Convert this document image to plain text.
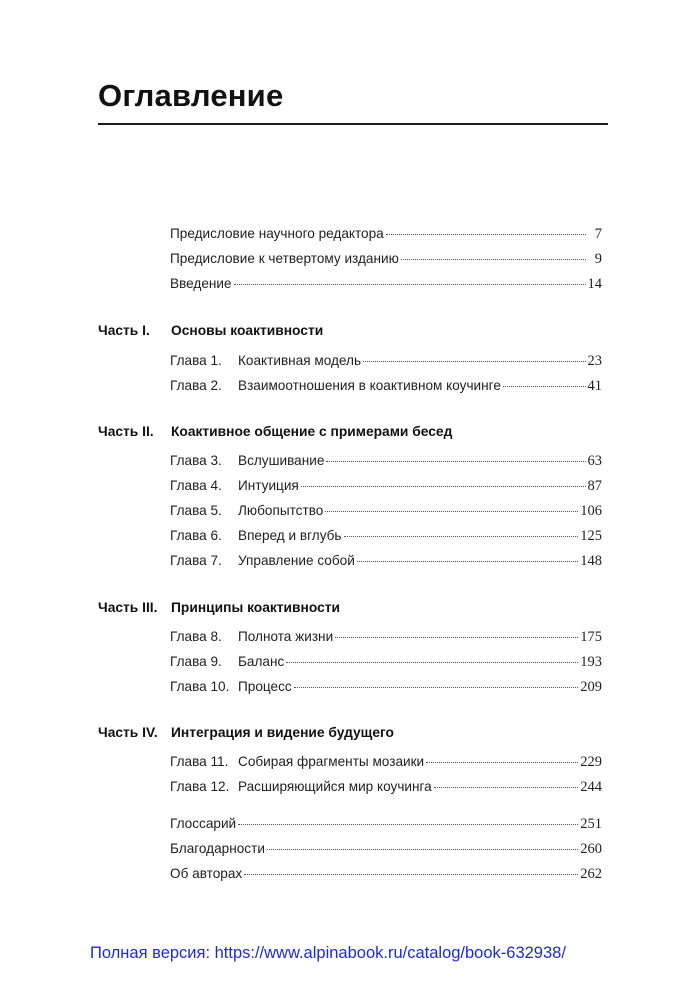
Оглавление
Предисловие научного редактора	7
Предисловие к четвертому изданию	9
Введение	14
Часть I.	Основы коактивности
Глава 1.	Коактивная модель	23
Глава 2.	Взаимоотношения в коактивном коучинге	41
Часть II.	Коактивное общение с примерами бесед
Глава 3.	Вслушивание	63
Глава 4.	Интуиция	87
Глава 5.	Любопытство	106
Глава 6.	Вперед и вглубь	125
Глава 7.	Управление собой	148
Часть III. Принципы коактивности
Глава 8.	Полнота жизни	175
Глава 9.	Баланс	193
Глава 10. Процесс	209
Часть IV. Интеграция и видение будущего
Глава 11. Собирая фрагменты мозаики	229
Глава 12. Расширяющийся мир коучинга	244
Глоссарий	251
Благодарности	260
Об авторах	262
Полная версия: https://www.alpinabook.ru/catalog/book-632938/
